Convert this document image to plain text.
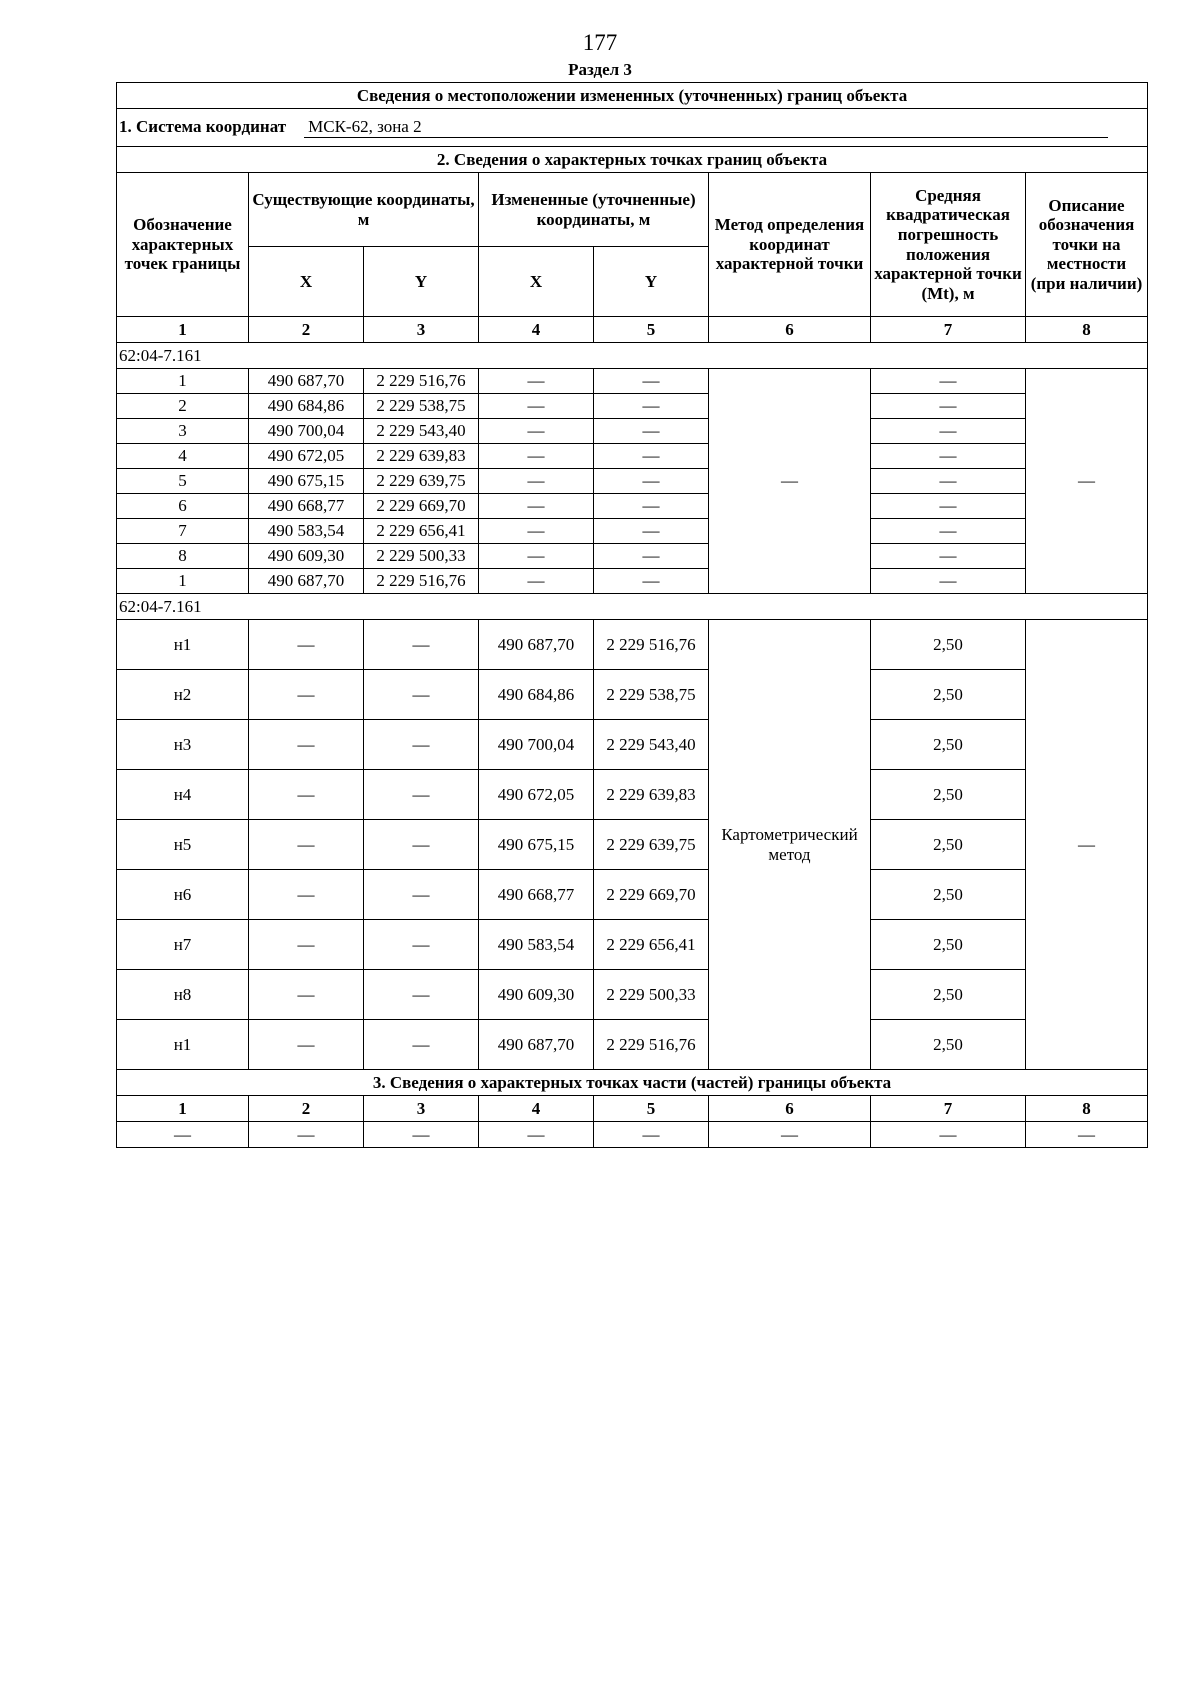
177
Раздел 3
Сведения о местоположении измененных (уточненных) границ объекта							
1. Система координат МСК-62, зона 2							
2. Сведения о характерных точках границ объекта							
Обозначение характерных точек границы	Существующие координаты, м		Измененные (уточненные) координаты, м		Метод определения координат характерной точки	Средняя квадратическая погрешность положения характерной точки (Mt), м	Описание обозначения точки на местности (при наличии)
	X	Y	X	Y			
1	2	3	4	5	6	7	8
62:04-7.161							
1	490 687,70	2 229 516,76	—	—	—	—	—
2	490 684,86	2 229 538,75	—	—		—	
3	490 700,04	2 229 543,40	—	—		—	
4	490 672,05	2 229 639,83	—	—		—	
5	490 675,15	2 229 639,75	—	—		—	
6	490 668,77	2 229 669,70	—	—		—	
7	490 583,54	2 229 656,41	—	—		—	
8	490 609,30	2 229 500,33	—	—		—	
1	490 687,70	2 229 516,76	—	—		—	
62:04-7.161							
н1	—	—	490 687,70	2 229 516,76	Картометрический метод	2,50	—
н2	—	—	490 684,86	2 229 538,75		2,50	
н3	—	—	490 700,04	2 229 543,40		2,50	
н4	—	—	490 672,05	2 229 639,83		2,50	
н5	—	—	490 675,15	2 229 639,75		2,50	
н6	—	—	490 668,77	2 229 669,70		2,50	
н7	—	—	490 583,54	2 229 656,41		2,50	
н8	—	—	490 609,30	2 229 500,33		2,50	
н1	—	—	490 687,70	2 229 516,76		2,50	
3. Сведения о характерных точках части (частей) границы объекта							
1	2	3	4	5	6	7	8
—	—	—	—	—	—	—	—
